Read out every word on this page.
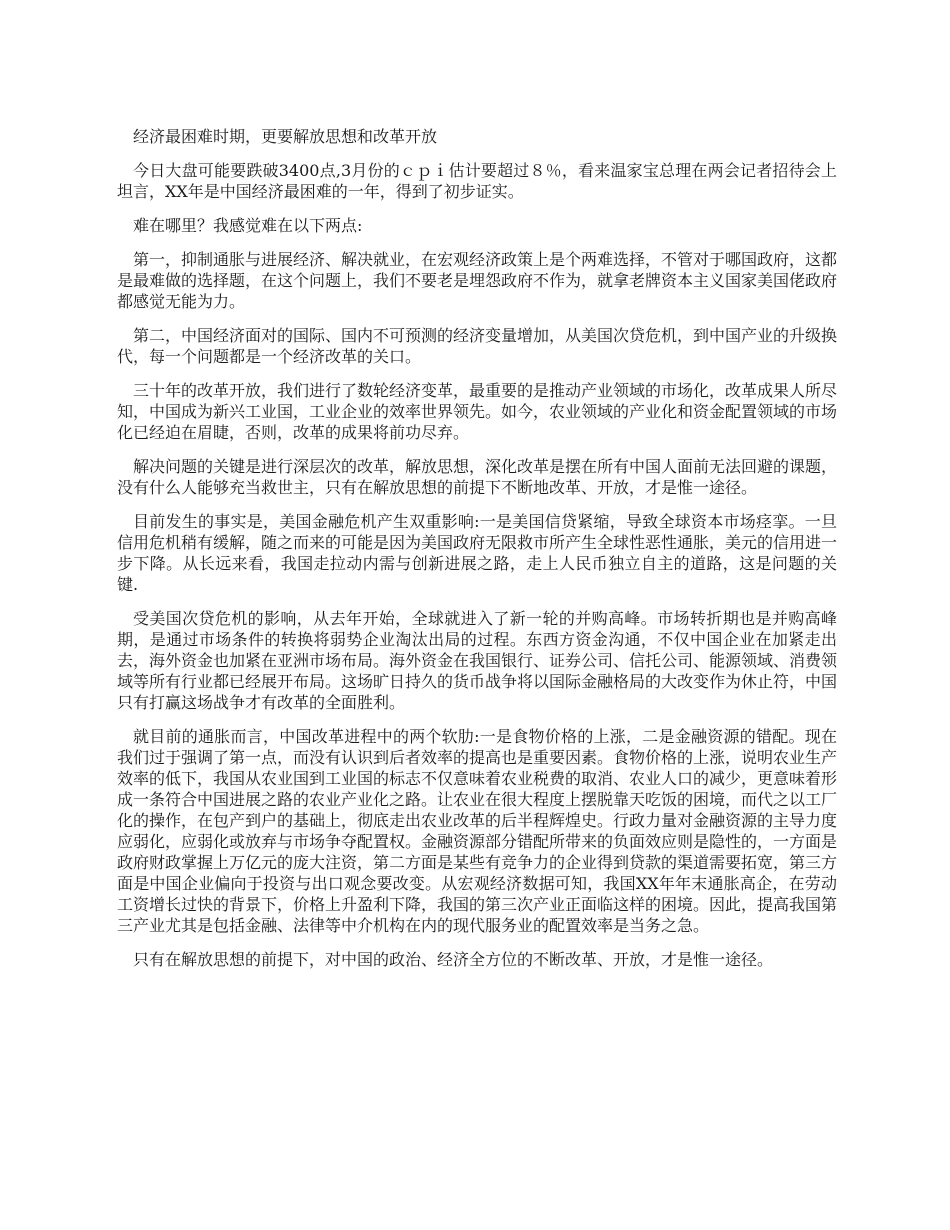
经济最困难时期，更要解放思想和改革开放

今日大盘可能要跌破3400点,3月份的ｃｐｉ估计要超过８％，看来温家宝总理在两会记者招待会上坦言，XX年是中国经济最困难的一年，得到了初步证实。

难在哪里？我感觉难在以下两点:

第一，抑制通胀与进展经济、解决就业，在宏观经济政策上是个两难选择，不管对于哪国政府，这都是最难做的选择题，在这个问题上，我们不要老是埋怨政府不作为，就拿老牌资本主义国家美国佬政府都感觉无能为力。

第二，中国经济面对的国际、国内不可预测的经济变量增加，从美国次贷危机，到中国产业的升级换代，每一个问题都是一个经济改革的关口。

三十年的改革开放，我们进行了数轮经济变革，最重要的是推动产业领域的市场化，改革成果人所尽知，中国成为新兴工业国，工业企业的效率世界领先。如今，农业领域的产业化和资金配置领域的市场化已经迫在眉睫，否则，改革的成果将前功尽弃。

解决问题的关键是进行深层次的改革，解放思想，深化改革是摆在所有中国人面前无法回避的课题，没有什么人能够充当救世主，只有在解放思想的前提下不断地改革、开放，才是惟一途径。

目前发生的事实是，美国金融危机产生双重影响:一是美国信贷紧缩，导致全球资本市场痉挛。一旦信用危机稍有缓解，随之而来的可能是因为美国政府无限救市所产生全球性恶性通胀，美元的信用进一步下降。从长远来看，我国走拉动内需与创新进展之路，走上人民币独立自主的道路，这是问题的关键.

受美国次贷危机的影响，从去年开始，全球就进入了新一轮的并购高峰。市场转折期也是并购高峰期，是通过市场条件的转换将弱势企业淘汰出局的过程。东西方资金沟通，不仅中国企业在加紧走出去，海外资金也加紧在亚洲市场布局。海外资金在我国银行、证券公司、信托公司、能源领域、消费领域等所有行业都已经展开布局。这场旷日持久的货币战争将以国际金融格局的大改变作为休止符，中国只有打赢这场战争才有改革的全面胜利。

就目前的通胀而言，中国改革进程中的两个软肋:一是食物价格的上涨，二是金融资源的错配。现在我们过于强调了第一点，而没有认识到后者效率的提高也是重要因素。食物价格的上涨，说明农业生产效率的低下，我国从农业国到工业国的标志不仅意味着农业税费的取消、农业人口的减少，更意味着形成一条符合中国进展之路的农业产业化之路。让农业在很大程度上摆脱靠天吃饭的困境，而代之以工厂化的操作，在包产到户的基础上，彻底走出农业改革的后半程辉煌史。行政力量对金融资源的主导力度应弱化，应弱化或放弃与市场争夺配置权。金融资源部分错配所带来的负面效应则是隐性的，一方面是政府财政掌握上万亿元的庞大注资，第二方面是某些有竞争力的企业得到贷款的渠道需要拓宽，第三方面是中国企业偏向于投资与出口观念要改变。从宏观经济数据可知，我国XX年年末通胀高企，在劳动工资增长过快的背景下，价格上升盈利下降，我国的第三次产业正面临这样的困境。因此，提高我国第三产业尤其是包括金融、法律等中介机构在内的现代服务业的配置效率是当务之急。

只有在解放思想的前提下，对中国的政治、经济全方位的不断改革、开放，才是惟一途径。
